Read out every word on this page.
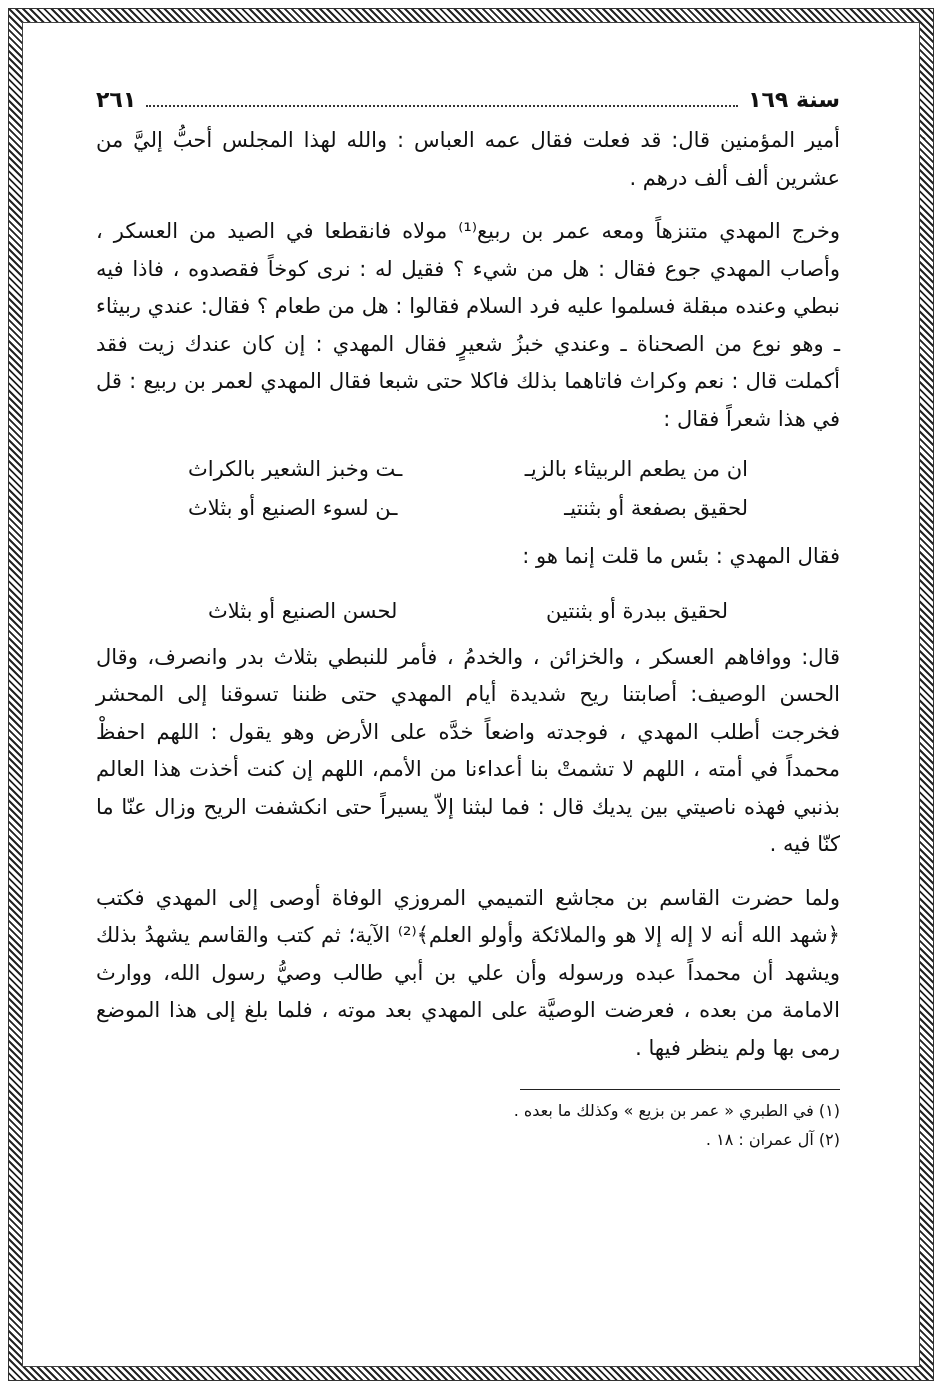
سنة ١٦٩
٢٦١

أمير المؤمنين قال: قد فعلت فقال عمه العباس : والله لهذا المجلس أحبُّ إليَّ من عشرين ألف ألف درهم .

وخرج المهدي متنزهاً ومعه عمر بن ربيع⁽¹⁾ مولاه فانقطعا في الصيد من العسكر ، وأصاب المهدي جوع فقال : هل من شيء ؟ فقيل له : نرى كوخاً فقصدوه ، فاذا فيه نبطي وعنده مبقلة فسلموا عليه فرد السلام فقالوا : هل من طعام ؟ فقال: عندي ربيثاء ـ وهو نوع من الصحناة ـ وعندي خبزُ شعيرٍ فقال المهدي : إن كان عندك زيت فقد أكملت قال : نعم وكراث فاتاهما بذلك فاكلا حتى شبعا فقال المهدي لعمر بن ربيع : قل في هذا شعراً فقال :

ان من يطعم الربيثاء بالزيـ
ـت وخبز الشعير بالكراث
لحقيق بصفعة أو بثنتيـ
ـن لسوء الصنيع أو بثلاث

فقال المهدي : بئس ما قلت إنما هو :

لحقيق ببدرة أو بثنتين
لحسن الصنيع أو بثلاث

قال: ووافاهم العسكر ، والخزائن ، والخدمُ ، فأمر للنبطي بثلاث بدر وانصرف، وقال الحسن الوصيف: أصابتنا ريح شديدة أيام المهدي حتى ظننا تسوقنا إلى المحشر فخرجت أطلب المهدي ، فوجدته واضعاً خدَّه على الأرض وهو يقول : اللهم احفظْ محمداً في أمته ، اللهم لا تشمتْ بنا أعداءنا من الأمم، اللهم إن كنت أخذت هذا العالم بذنبي فهذه ناصيتي بين يديك قال : فما لبثنا إلاّ يسيراً حتى انكشفت الريح وزال عنّا ما كنّا فيه .

ولما حضرت القاسم بن مجاشع التميمي المروزي الوفاة أوصى إلى المهدي فكتب ﴿شهد الله أنه لا إله إلا هو والملائكة وأولو العلم﴾⁽²⁾ الآية؛ ثم كتب والقاسم يشهدُ بذلك ويشهد أن محمداً عبده ورسوله وأن علي بن أبي طالب وصيُّ رسول الله، ووارث الامامة من بعده ، فعرضت الوصيَّة على المهدي بعد موته ، فلما بلغ إلى هذا الموضع رمى بها ولم ينظر فيها .

(١) في الطبري « عمر بن بزيع » وكذلك ما بعده .

(٢) آل عمران : ١٨ .
